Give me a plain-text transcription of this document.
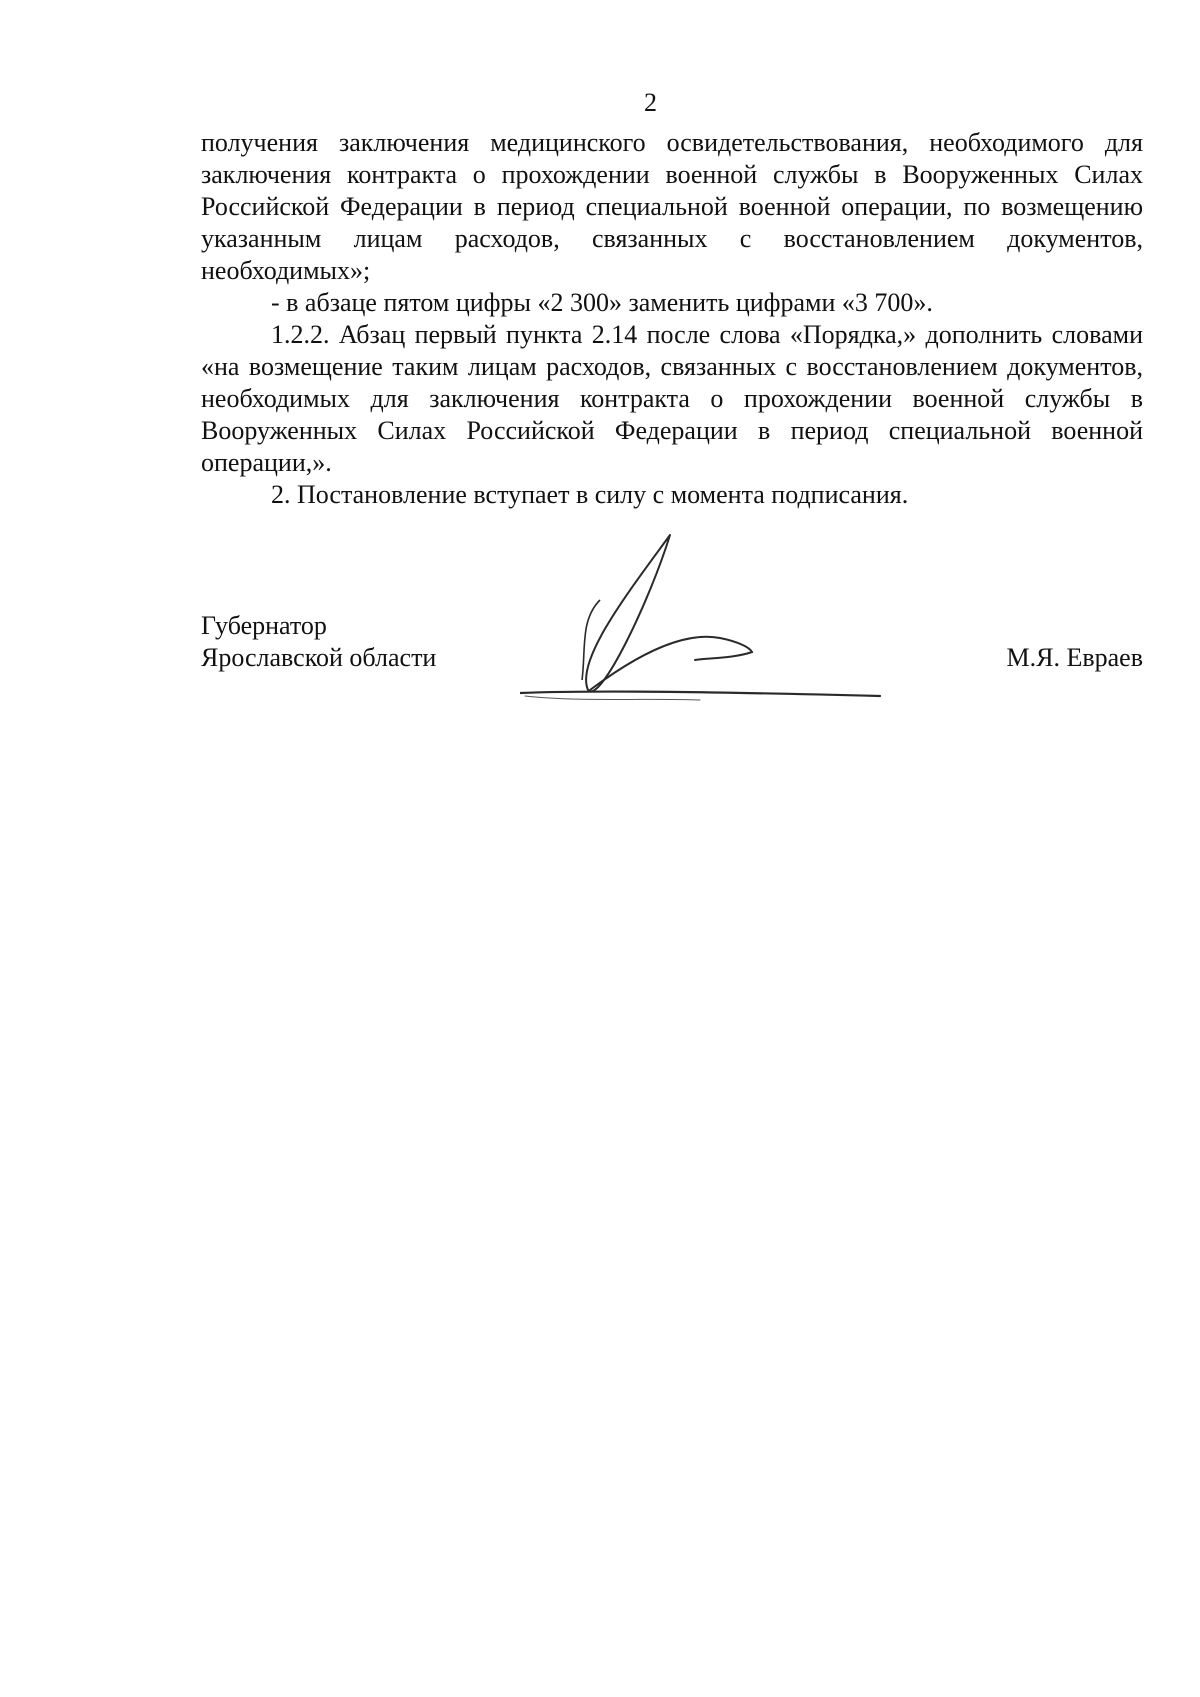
2

получения заключения медицинского освидетельствования, необходимого для заключения контракта о прохождении военной службы в Вооруженных Силах Российской Федерации в период специальной военной операции, по возмещению указанным лицам расходов, связанных с восстановлением документов, необходимых»;

- в абзаце пятом цифры «2 300» заменить цифрами «3 700».

1.2.2. Абзац первый пункта 2.14 после слова «Порядка,» дополнить словами «на возмещение таким лицам расходов, связанных с восстановлением документов, необходимых для заключения контракта о прохождении военной службы в Вооруженных Силах Российской Федерации в период специальной военной операции,».

2. Постановление вступает в силу с момента подписания.

Губернатор
Ярославской области	М.Я. Евраев
